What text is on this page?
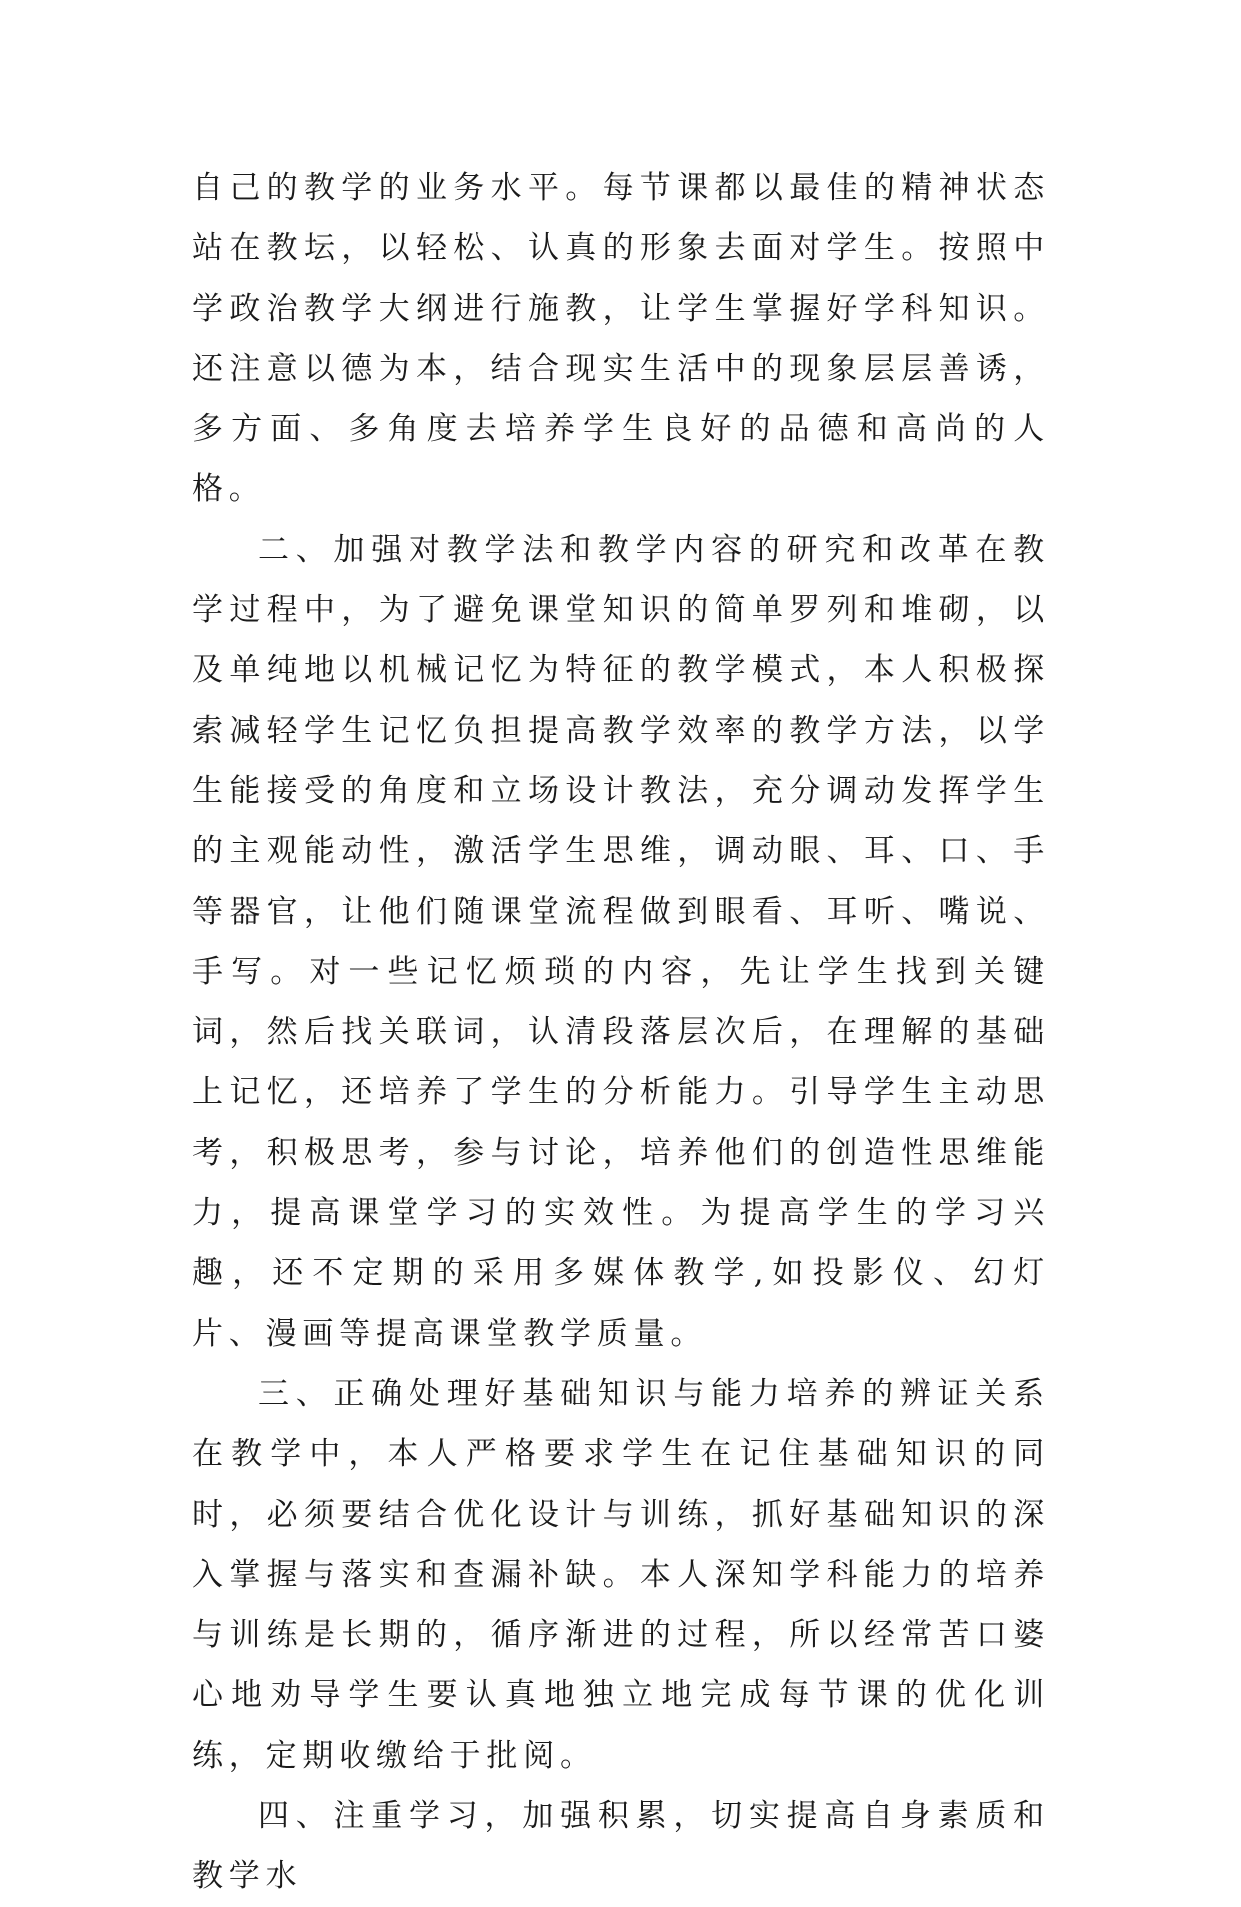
自己的教学的业务水平。每节课都以最佳的精神状态站在教坛，以轻松、认真的形象去面对学生。按照中学政治教学大纲进行施教，让学生掌握好学科知识。还注意以德为本，结合现实生活中的现象层层善诱，多方面、多角度去培养学生良好的品德和高尚的人格。

二、加强对教学法和教学内容的研究和改革在教学过程中，为了避免课堂知识的简单罗列和堆砌，以及单纯地以机械记忆为特征的教学模式，本人积极探索减轻学生记忆负担提高教学效率的教学方法，以学生能接受的角度和立场设计教法，充分调动发挥学生的主观能动性，激活学生思维，调动眼、耳、口、手等器官，让他们随课堂流程做到眼看、耳听、嘴说、手写。对一些记忆烦琐的内容，先让学生找到关键词，然后找关联词，认清段落层次后，在理解的基础上记忆，还培养了学生的分析能力。引导学生主动思考，积极思考，参与讨论，培养他们的创造性思维能力，提高课堂学习的实效性。为提高学生的学习兴趣，还不定期的采用多媒体教学,如投影仪、幻灯片、漫画等提高课堂教学质量。

三、正确处理好基础知识与能力培养的辨证关系在教学中，本人严格要求学生在记住基础知识的同时，必须要结合优化设计与训练，抓好基础知识的深入掌握与落实和查漏补缺。本人深知学科能力的培养与训练是长期的，循序渐进的过程，所以经常苦口婆心地劝导学生要认真地独立地完成每节课的优化训练，定期收缴给于批阅。

四、注重学习，加强积累，切实提高自身素质和教学水
